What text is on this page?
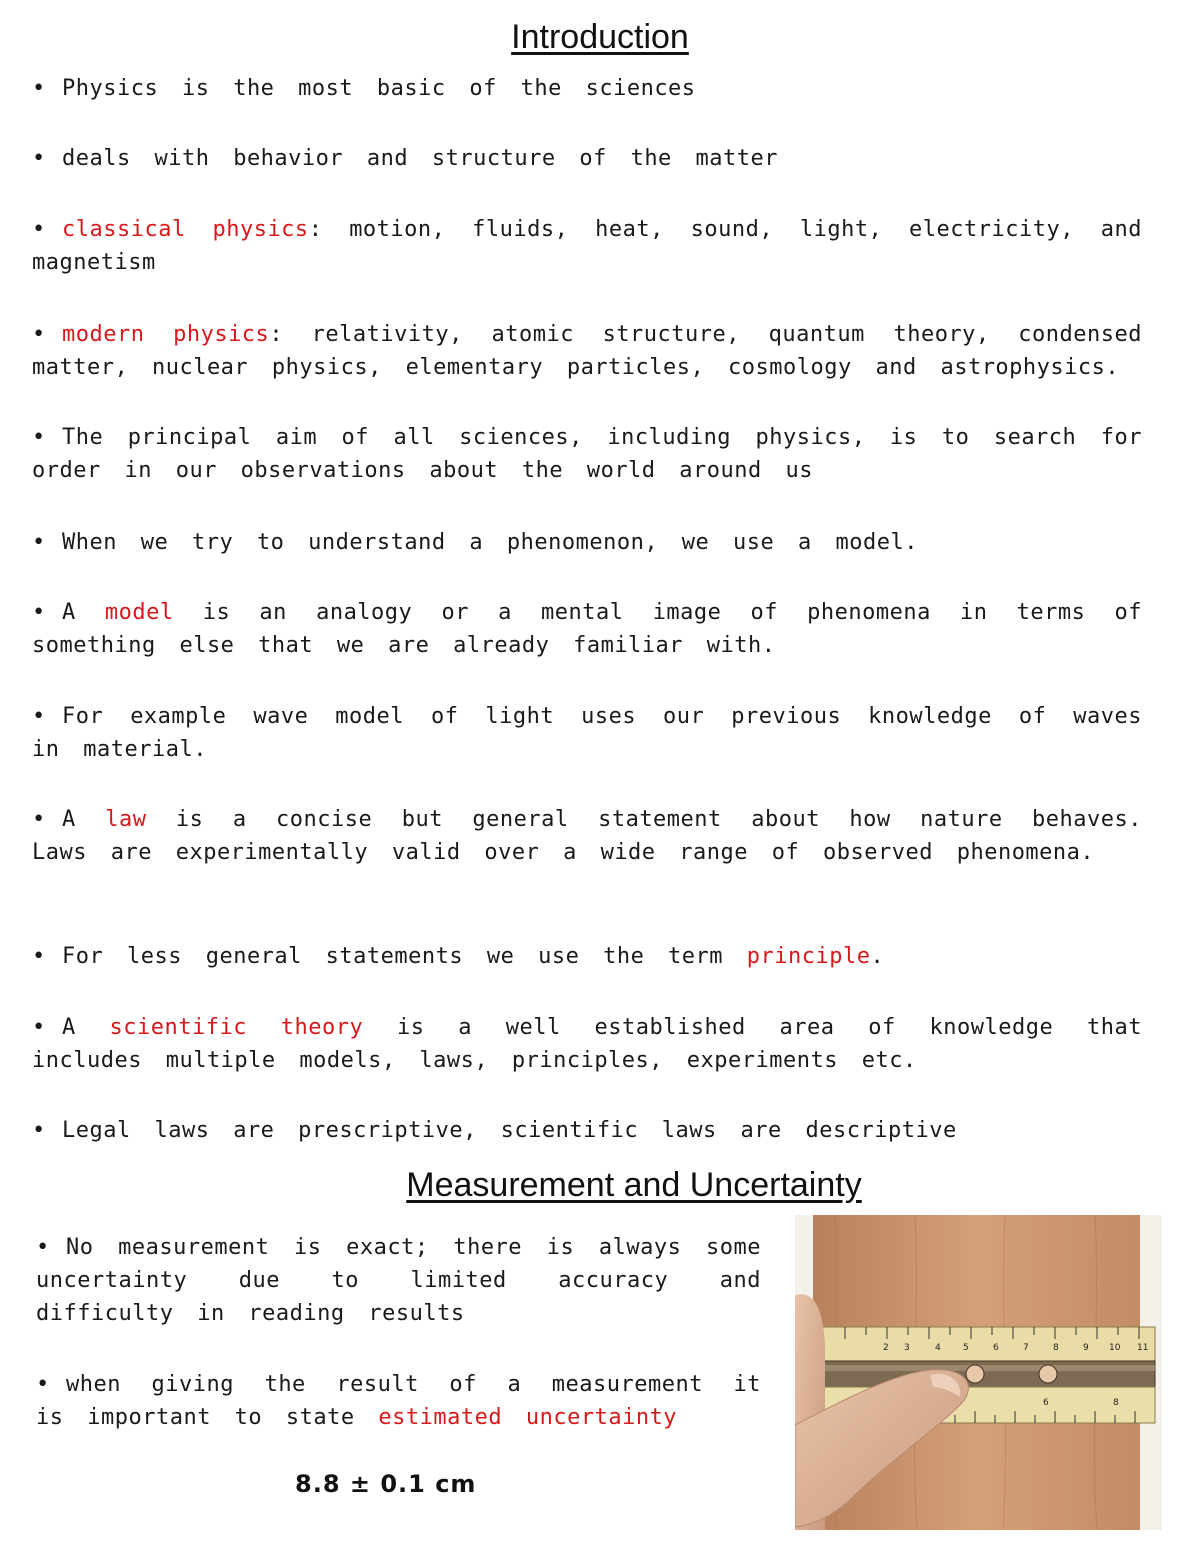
Introduction
• Physics is the most basic of the sciences
• deals with behavior and structure of the matter
• classical physics: motion, fluids, heat, sound, light, electricity, and magnetism
• modern physics: relativity, atomic structure, quantum theory, condensed matter, nuclear physics, elementary particles, cosmology and astrophysics.
• The principal aim of all sciences, including physics, is to search for order in our observations about the world around us
• When we try to understand a phenomenon, we use a model.
• A model is an analogy or a mental image of phenomena in terms of something else that we are already familiar with.
• For example wave model of light uses our previous knowledge of waves in material.
• A law is a concise but general statement about how nature behaves. Laws are experimentally valid over a wide range of observed phenomena.
• For less general statements we use the term principle.
• A scientific theory is a well established area of knowledge that includes multiple models, laws, principles, experiments etc.
• Legal laws are prescriptive, scientific laws are descriptive
Measurement and Uncertainty
• No measurement is exact; there is always some uncertainty due to limited accuracy and difficulty in reading results
• when giving the result of a measurement it is important to state estimated uncertainty
8.8 ± 0.1 cm
2 3	4 5	6	7	8	9 10 11
6	8
